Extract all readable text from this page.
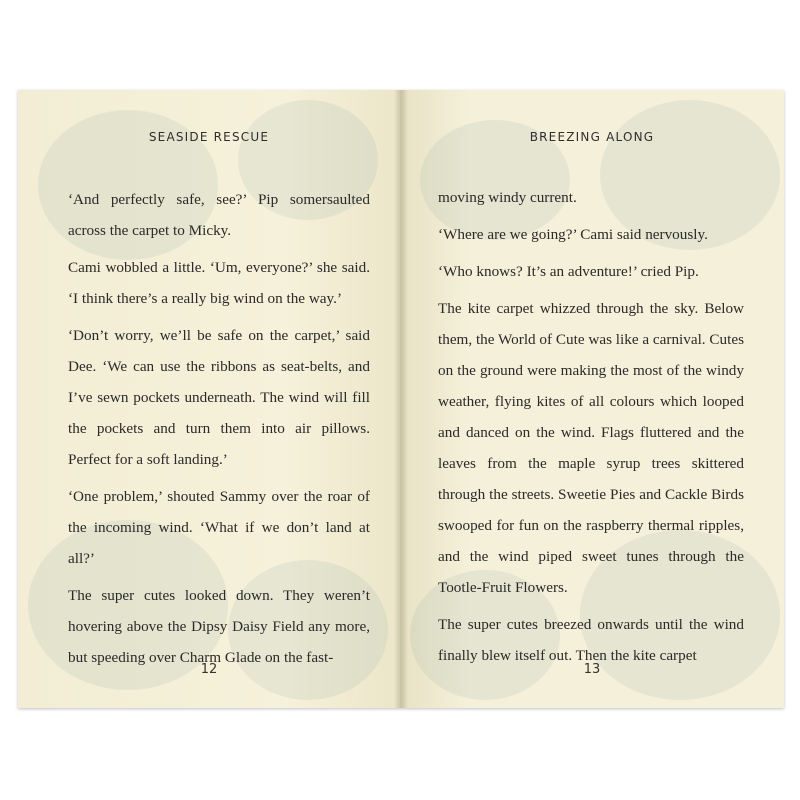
SEASIDE RESCUE

‘And perfectly safe, see?’ Pip somersaulted across the carpet to Micky.

Cami wobbled a little. ‘Um, everyone?’ she said. ‘I think there’s a really big wind on the way.’

‘Don’t worry, we’ll be safe on the carpet,’ said Dee. ‘We can use the ribbons as seat-belts, and I’ve sewn pockets underneath. The wind will fill the pockets and turn them into air pillows. Perfect for a soft landing.’

‘One problem,’ shouted Sammy over the roar of the incoming wind. ‘What if we don’t land at all?’

The super cutes looked down. They weren’t hovering above the Dipsy Daisy Field any more, but speeding over Charm Glade on the fast-

12
BREEZING ALONG

moving windy current.

‘Where are we going?’ Cami said nervously.

‘Who knows? It’s an adventure!’ cried Pip.

The kite carpet whizzed through the sky. Below them, the World of Cute was like a carnival. Cutes on the ground were making the most of the windy weather, flying kites of all colours which looped and danced on the wind. Flags fluttered and the leaves from the maple syrup trees skittered through the streets. Sweetie Pies and Cackle Birds swooped for fun on the raspberry thermal ripples, and the wind piped sweet tunes through the Tootle-Fruit Flowers.

The super cutes breezed onwards until the wind finally blew itself out. Then the kite carpet

13
